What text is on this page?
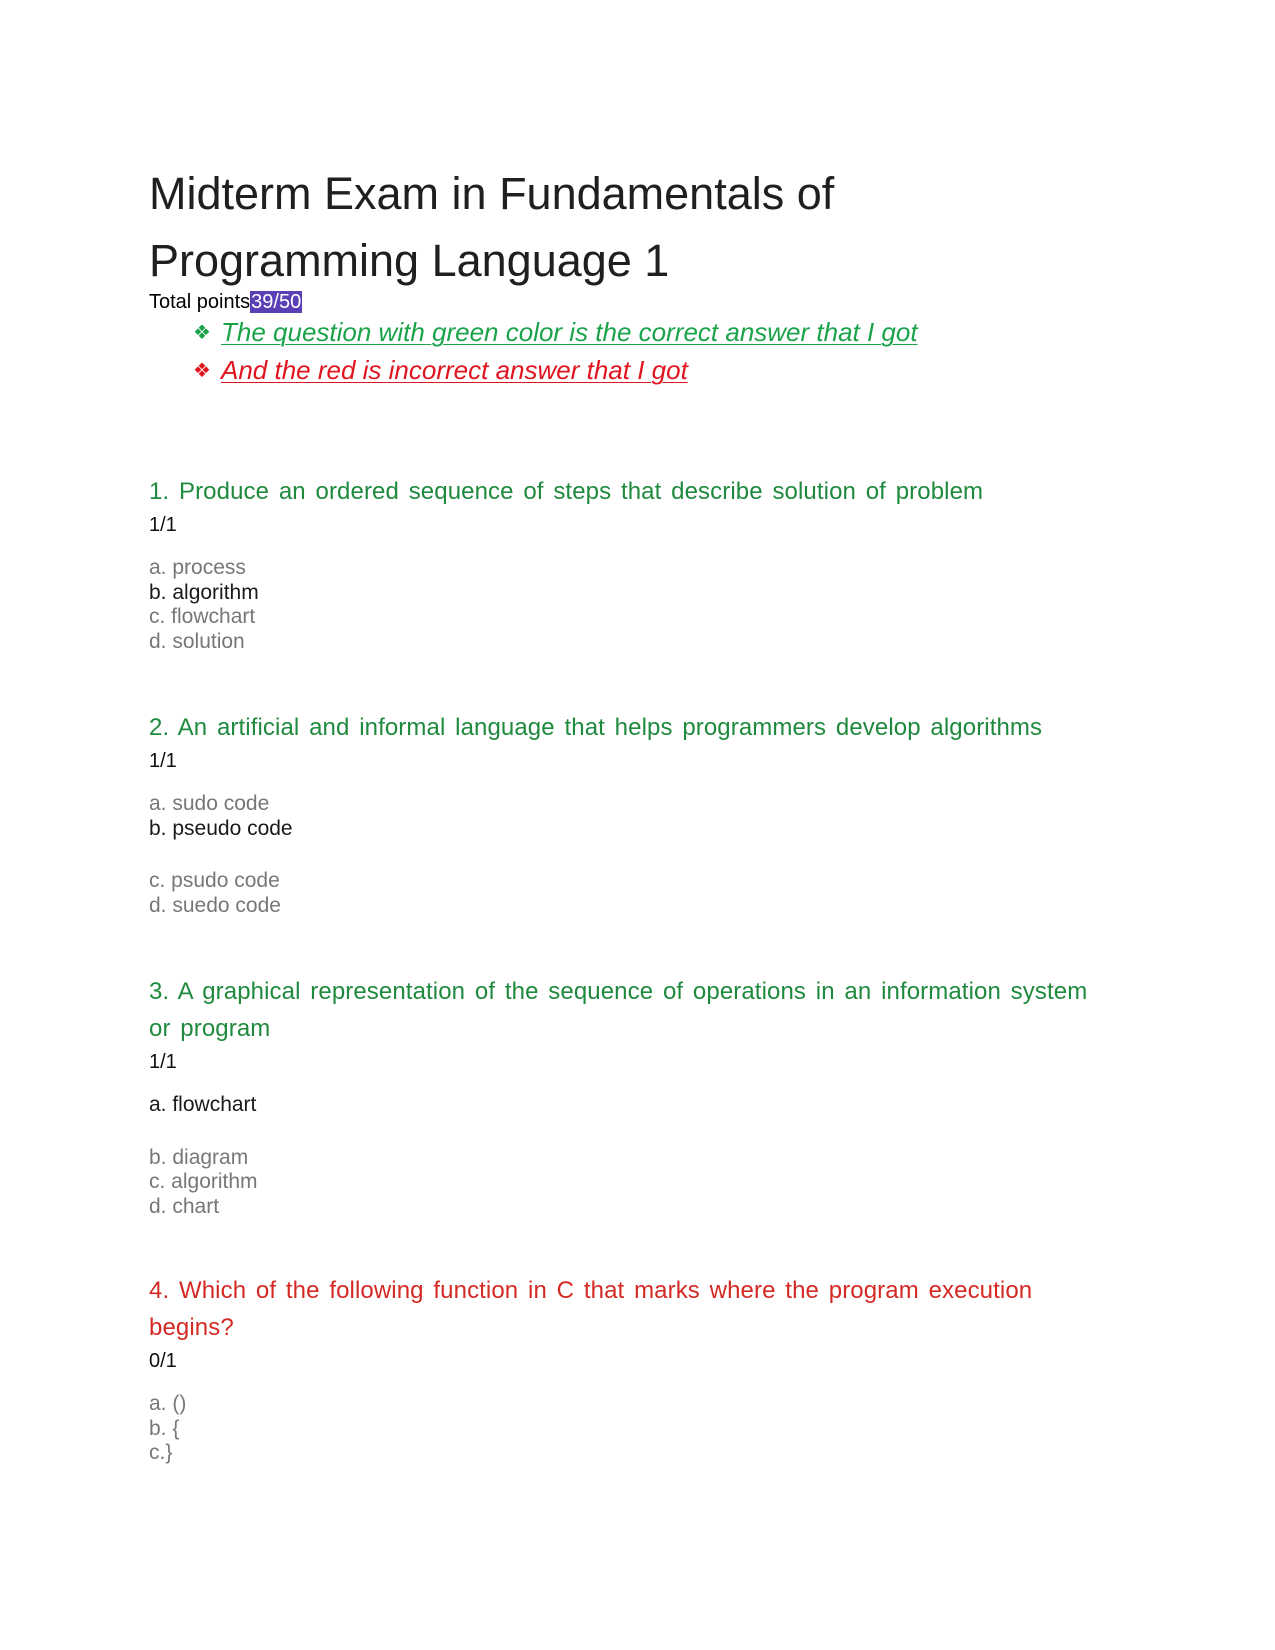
Midterm Exam in Fundamentals of
Programming Language 1
Total points39/50

❖ The question with green color is the correct answer that I got

❖ And the red is incorrect answer that I got

1. Produce an ordered sequence of steps that describe solution of problem
1/1
a. process
b. algorithm
c. flowchart
d. solution
2. An artificial and informal language that helps programmers develop algorithms
1/1
a. sudo code
b. pseudo code
c. psudo code
d. suedo code
3. A graphical representation of the sequence of operations in an information system or program
1/1
a. flowchart
b. diagram
c. algorithm
d. chart
4. Which of the following function in C that marks where the program execution begins?
0/1
a. ()
b. {
c.}
